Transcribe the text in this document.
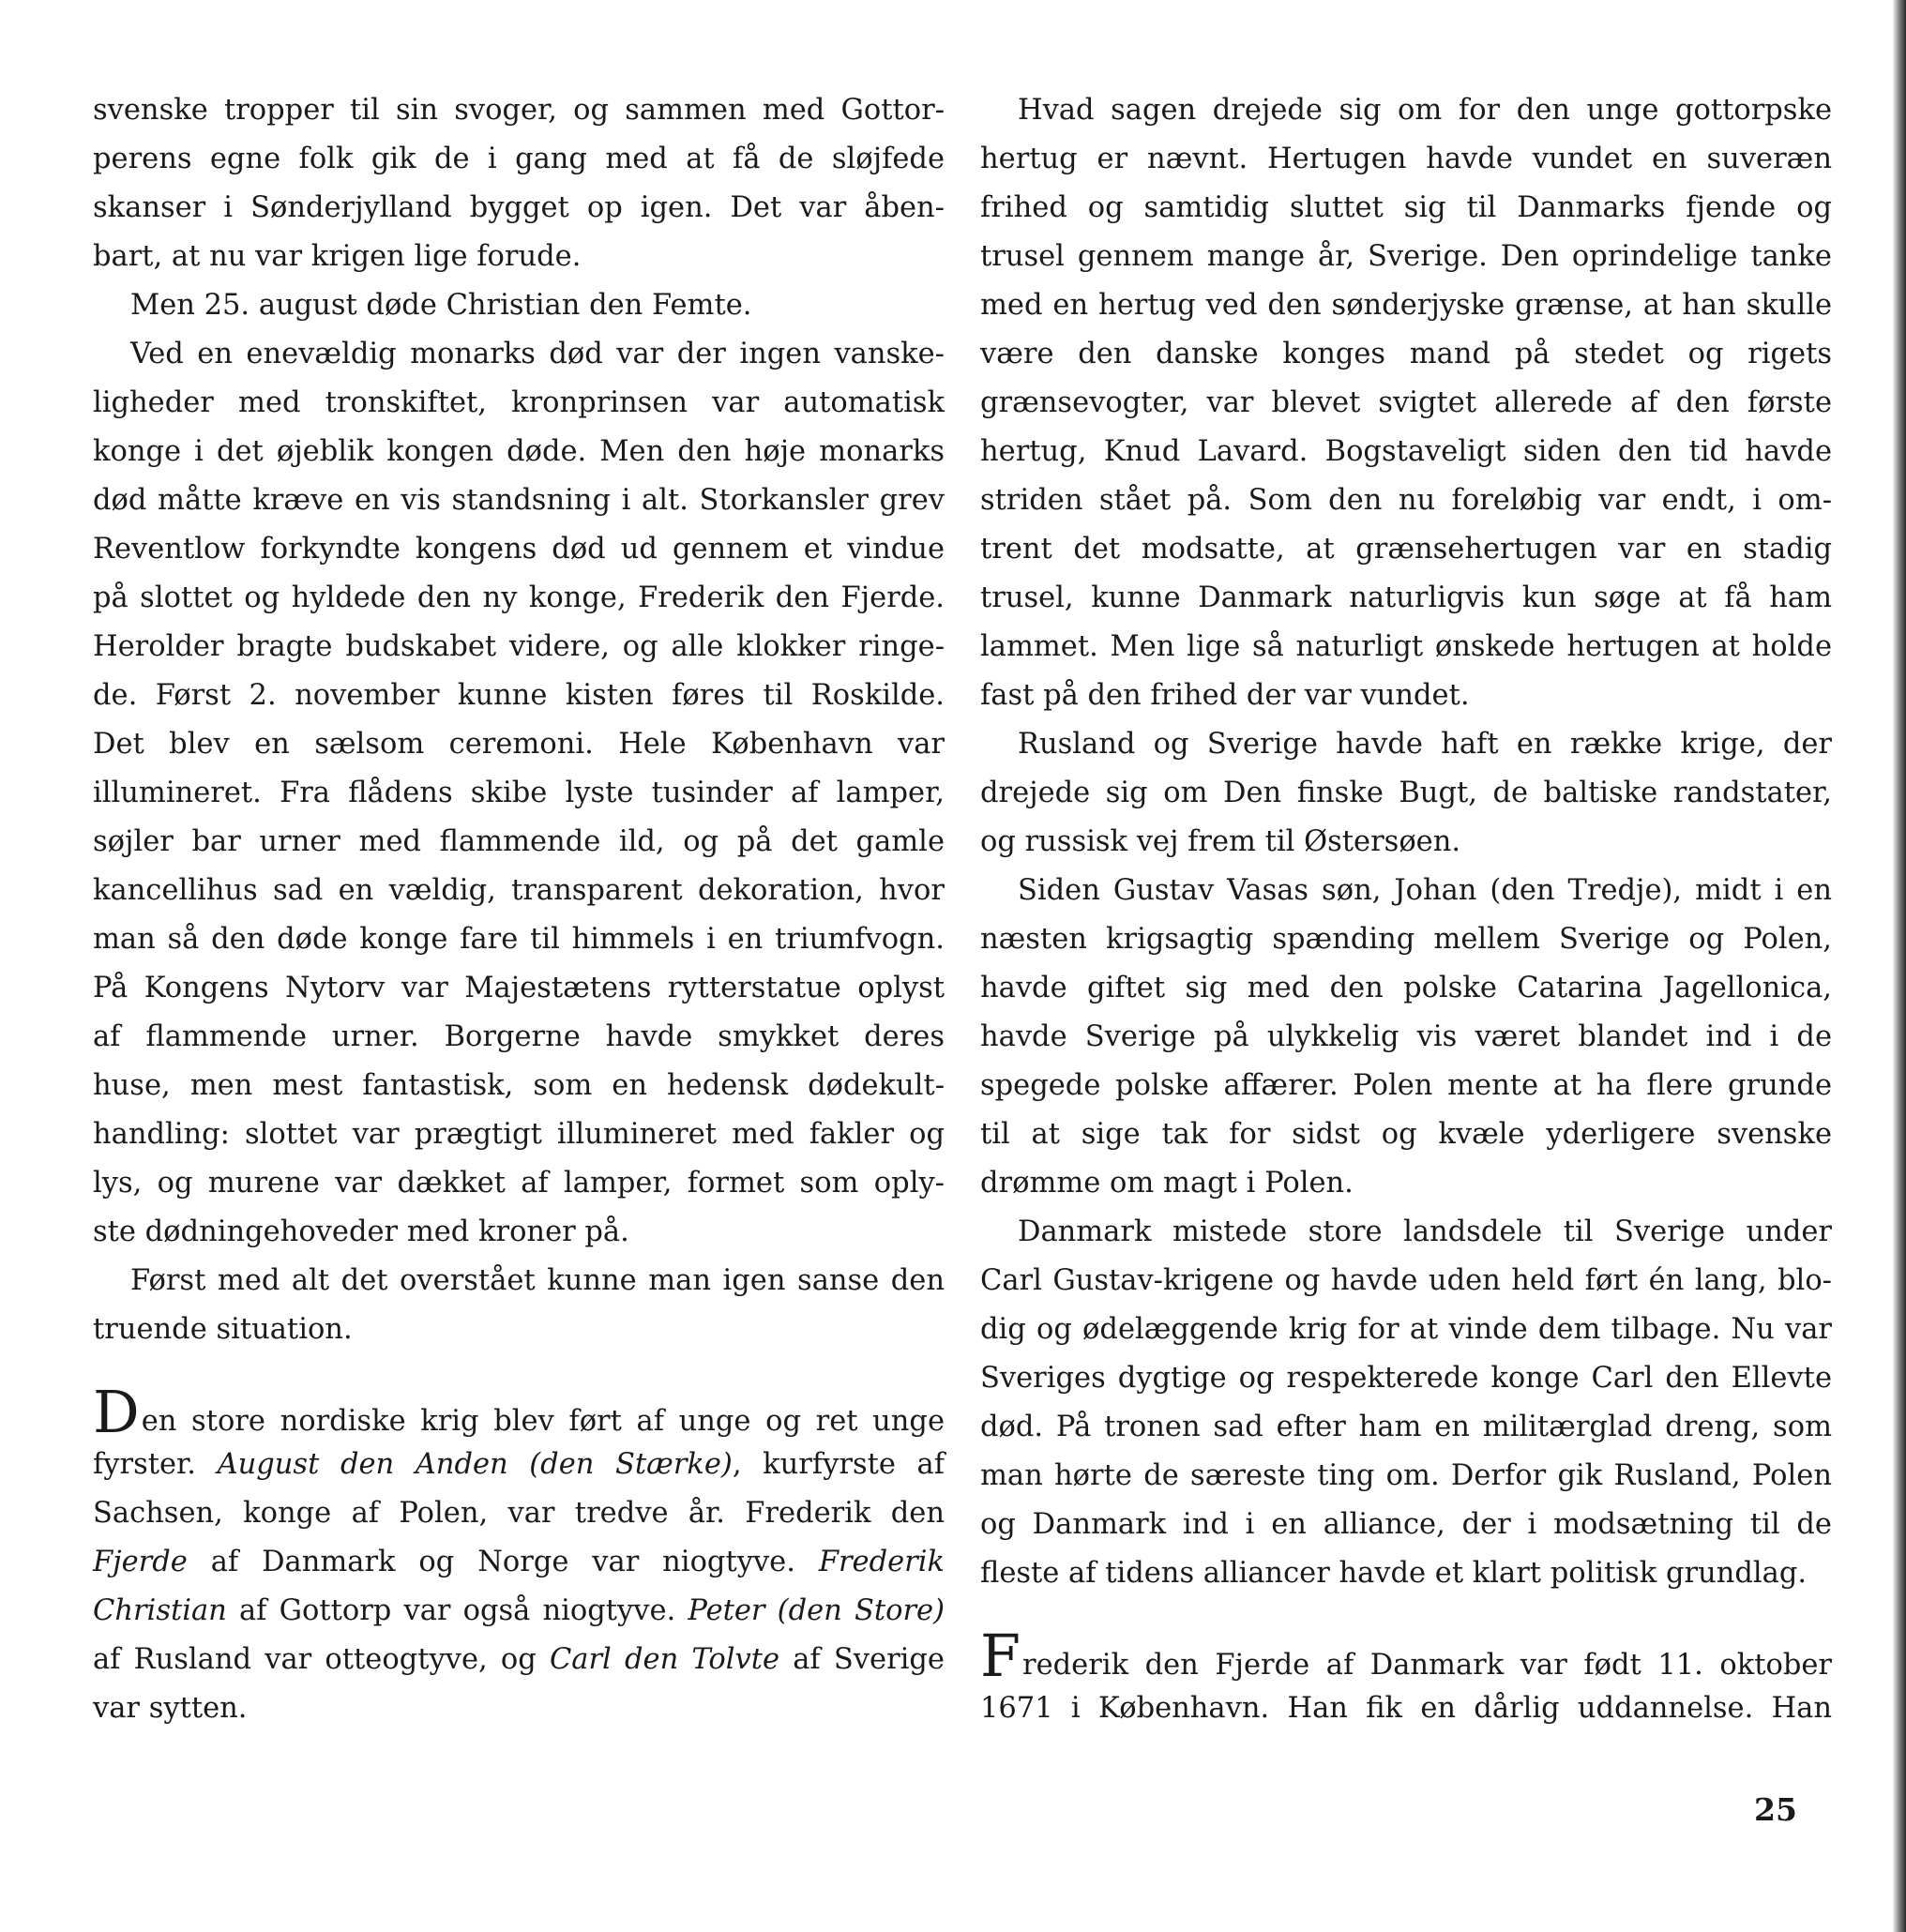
svenske tropper til sin svoger, og sammen med Gottor-
perens egne folk gik de i gang med at få de sløjfede
skanser i Sønderjylland bygget op igen. Det var åben-
bart, at nu var krigen lige forude.
Men 25. august døde Christian den Femte.
Ved en enevældig monarks død var der ingen vanske-
ligheder med tronskiftet, kronprinsen var automatisk
konge i det øjeblik kongen døde. Men den høje monarks
død måtte kræve en vis standsning i alt. Storkansler grev
Reventlow forkyndte kongens død ud gennem et vindue
på slottet og hyldede den ny konge, Frederik den Fjerde.
Herolder bragte budskabet videre, og alle klokker ringe-
de. Først 2. november kunne kisten føres til Roskilde.
Det blev en sælsom ceremoni. Hele København var
illumineret. Fra flådens skibe lyste tusinder af lamper,
søjler bar urner med flammende ild, og på det gamle
kancellihus sad en vældig, transparent dekoration, hvor
man så den døde konge fare til himmels i en triumfvogn.
På Kongens Nytorv var Majestætens rytterstatue oplyst
af flammende urner. Borgerne havde smykket deres
huse, men mest fantastisk, som en hedensk dødekult-
handling: slottet var prægtigt illumineret med fakler og
lys, og murene var dækket af lamper, formet som oply-
ste dødningehoveder med kroner på.
Først med alt det overstået kunne man igen sanse den
truende situation.
Den store nordiske krig blev ført af unge og ret unge
fyrster. August den Anden (den Stærke), kurfyrste af
Sachsen, konge af Polen, var tredve år. Frederik den
Fjerde af Danmark og Norge var niogtyve. Frederik
Christian af Gottorp var også niogtyve. Peter (den Store)
af Rusland var otteogtyve, og Carl den Tolvte af Sverige
var sytten.
Hvad sagen drejede sig om for den unge gottorpske
hertug er nævnt. Hertugen havde vundet en suveræn
frihed og samtidig sluttet sig til Danmarks fjende og
trusel gennem mange år, Sverige. Den oprindelige tanke
med en hertug ved den sønderjyske grænse, at han skulle
være den danske konges mand på stedet og rigets
grænsevogter, var blevet svigtet allerede af den første
hertug, Knud Lavard. Bogstaveligt siden den tid havde
striden stået på. Som den nu foreløbig var endt, i om-
trent det modsatte, at grænsehertugen var en stadig
trusel, kunne Danmark naturligvis kun søge at få ham
lammet. Men lige så naturligt ønskede hertugen at holde
fast på den frihed der var vundet.
Rusland og Sverige havde haft en række krige, der
drejede sig om Den finske Bugt, de baltiske randstater,
og russisk vej frem til Østersøen.
Siden Gustav Vasas søn, Johan (den Tredje), midt i en
næsten krigsagtig spænding mellem Sverige og Polen,
havde giftet sig med den polske Catarina Jagellonica,
havde Sverige på ulykkelig vis været blandet ind i de
spegede polske affærer. Polen mente at ha flere grunde
til at sige tak for sidst og kvæle yderligere svenske
drømme om magt i Polen.
Danmark mistede store landsdele til Sverige under
Carl Gustav-krigene og havde uden held ført én lang, blo-
dig og ødelæggende krig for at vinde dem tilbage. Nu var
Sveriges dygtige og respekterede konge Carl den Ellevte
død. På tronen sad efter ham en militærglad dreng, som
man hørte de særeste ting om. Derfor gik Rusland, Polen
og Danmark ind i en alliance, der i modsætning til de
fleste af tidens alliancer havde et klart politisk grundlag.
Frederik den Fjerde af Danmark var født 11. oktober
1671 i København. Han fik en dårlig uddannelse. Han
25
